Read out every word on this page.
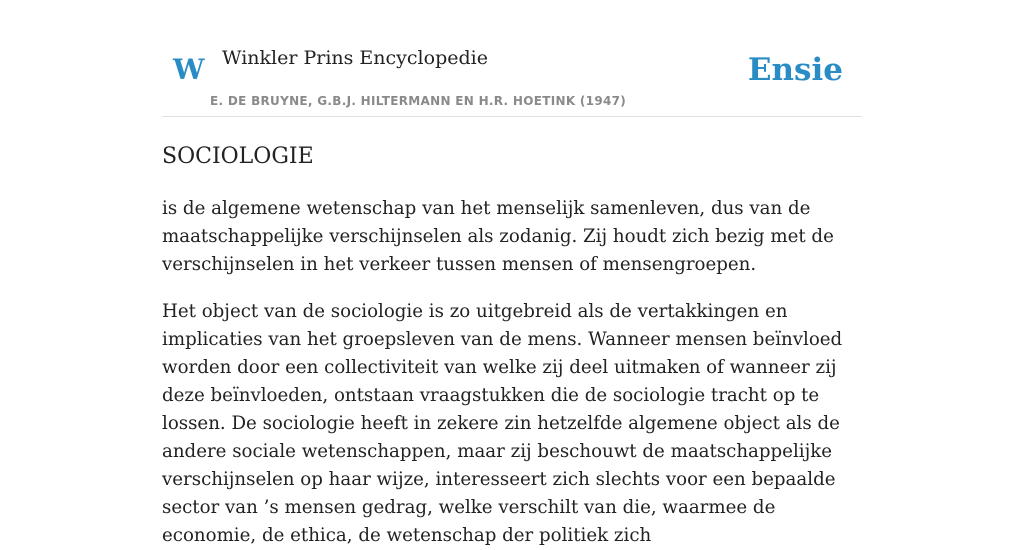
W Winkler Prins Encyclopedie
E. DE BRUYNE, G.B.J. HILTERMANN EN H.R. HOETINK (1947)
Ensie
SOCIOLOGIE

is de algemene wetenschap van het menselijk samenleven, dus van de maatschappelijke verschijnselen als zodanig. Zij houdt zich bezig met de verschijnselen in het verkeer tussen mensen of mensengroepen.

Het object van de sociologie is zo uitgebreid als de vertakkingen en implicaties van het groepsleven van de mens. Wanneer mensen beïnvloed worden door een collectiviteit van welke zij deel uitmaken of wanneer zij deze beïnvloeden, ontstaan vraagstukken die de sociologie tracht op te lossen. De sociologie heeft in zekere zin hetzelfde algemene object als de andere sociale wetenschappen, maar zij beschouwt de maatschappelijke verschijnselen op haar wijze, interesseert zich slechts voor een bepaalde sector van ’s mensen gedrag, welke verschilt van die, waarmee de economie, de ethica, de wetenschap der politiek zich
